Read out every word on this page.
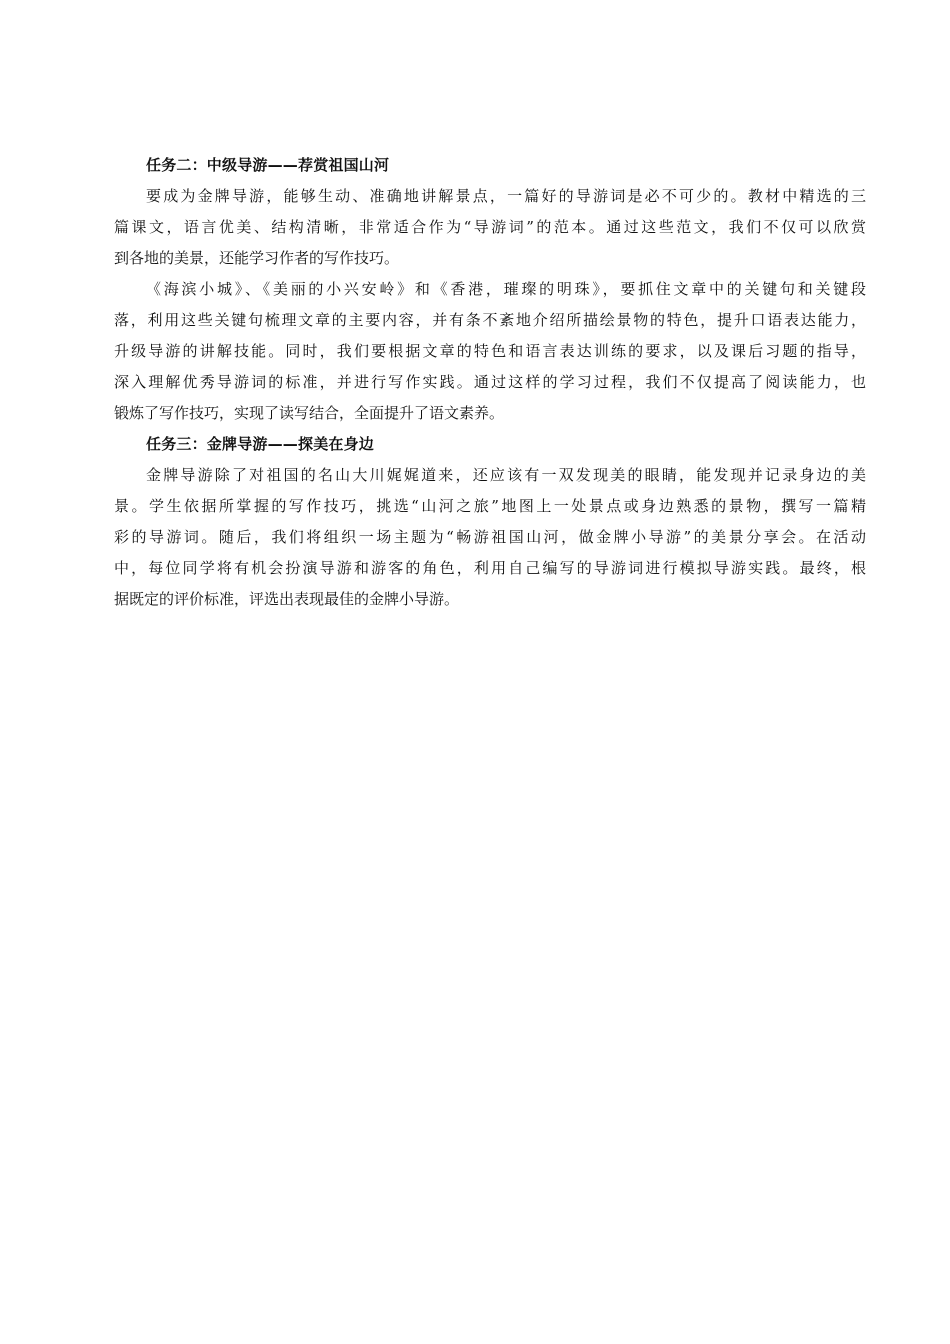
任务二：中级导游——荐赏祖国山河
要成为金牌导游，能够生动、准确地讲解景点，一篇好的导游词是必不可少的。教材中精选的三
篇课文，语言优美、结构清晰，非常适合作为“导游词”的范本。通过这些范文，我们不仅可以欣赏
到各地的美景，还能学习作者的写作技巧。
《海滨小城》、《美丽的小兴安岭》和《香港，璀璨的明珠》，要抓住文章中的关键句和关键段
落，利用这些关键句梳理文章的主要内容，并有条不紊地介绍所描绘景物的特色，提升口语表达能力，
升级导游的讲解技能。同时，我们要根据文章的特色和语言表达训练的要求，以及课后习题的指导，
深入理解优秀导游词的标准，并进行写作实践。通过这样的学习过程，我们不仅提高了阅读能力，也
锻炼了写作技巧，实现了读写结合，全面提升了语文素养。
任务三：金牌导游——探美在身边
金牌导游除了对祖国的名山大川娓娓道来，还应该有一双发现美的眼睛，能发现并记录身边的美
景。学生依据所掌握的写作技巧，挑选“山河之旅”地图上一处景点或身边熟悉的景物，撰写一篇精
彩的导游词。随后，我们将组织一场主题为“畅游祖国山河，做金牌小导游”的美景分享会。在活动
中，每位同学将有机会扮演导游和游客的角色，利用自己编写的导游词进行模拟导游实践。最终，根
据既定的评价标准，评选出表现最佳的金牌小导游。
